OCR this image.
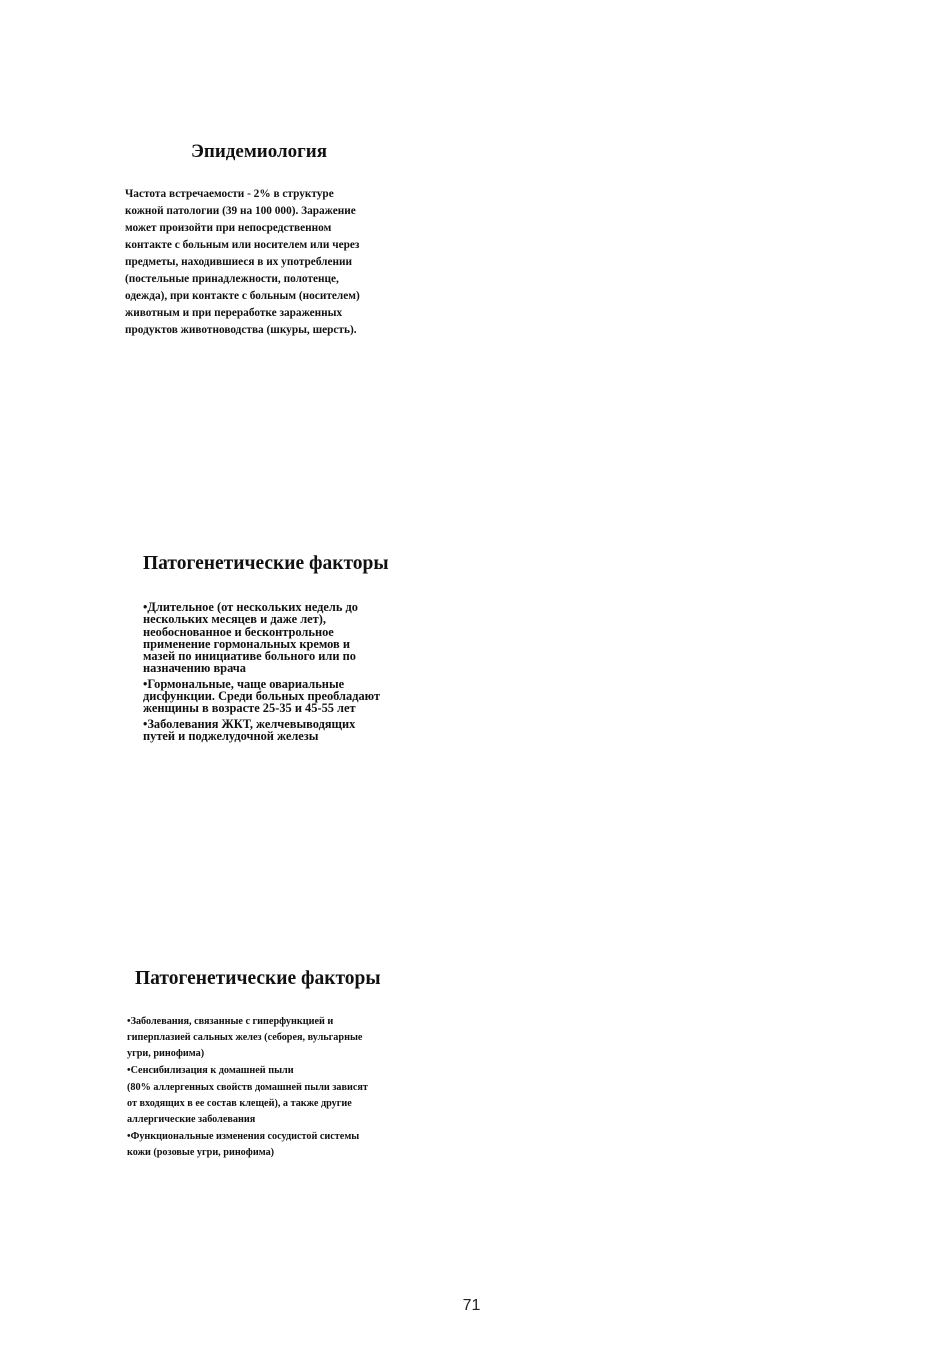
Эпидемиология
Частота встречаемости - 2% в структуре
кожной патологии (39 на 100 000). Заражение
может произойти при непосредственном
контакте с больным или носителем или через
предметы, находившиеся в их употреблении
(постельные принадлежности, полотенце,
одежда), при контакте с больным (носителем)
животным и при переработке зараженных
продуктов животноводства (шкуры, шерсть).
Патогенетические факторы
•Длительное (от нескольких недель до
нескольких месяцев и даже лет),
необоснованное и бесконтрольное
применение гормональных кремов и
мазей по инициативе больного или по
назначению врача
•Гормональные, чаще овариальные
дисфункции. Среди больных преобладают
женщины в возрасте 25-35 и 45-55 лет
•Заболевания ЖКТ, желчевыводящих
путей и поджелудочной железы
Патогенетические факторы
•Заболевания, связанные с гиперфункцией и
гиперплазией сальных желез (себорея, вульгарные
угри, ринофима)
•Сенсибилизация к домашней пыли
(80% аллергенных свойств домашней пыли зависят
от входящих в ее состав клещей), а также другие
аллергические заболевания
•Функциональные изменения сосудистой системы
кожи (розовые угри, ринофима)
71
